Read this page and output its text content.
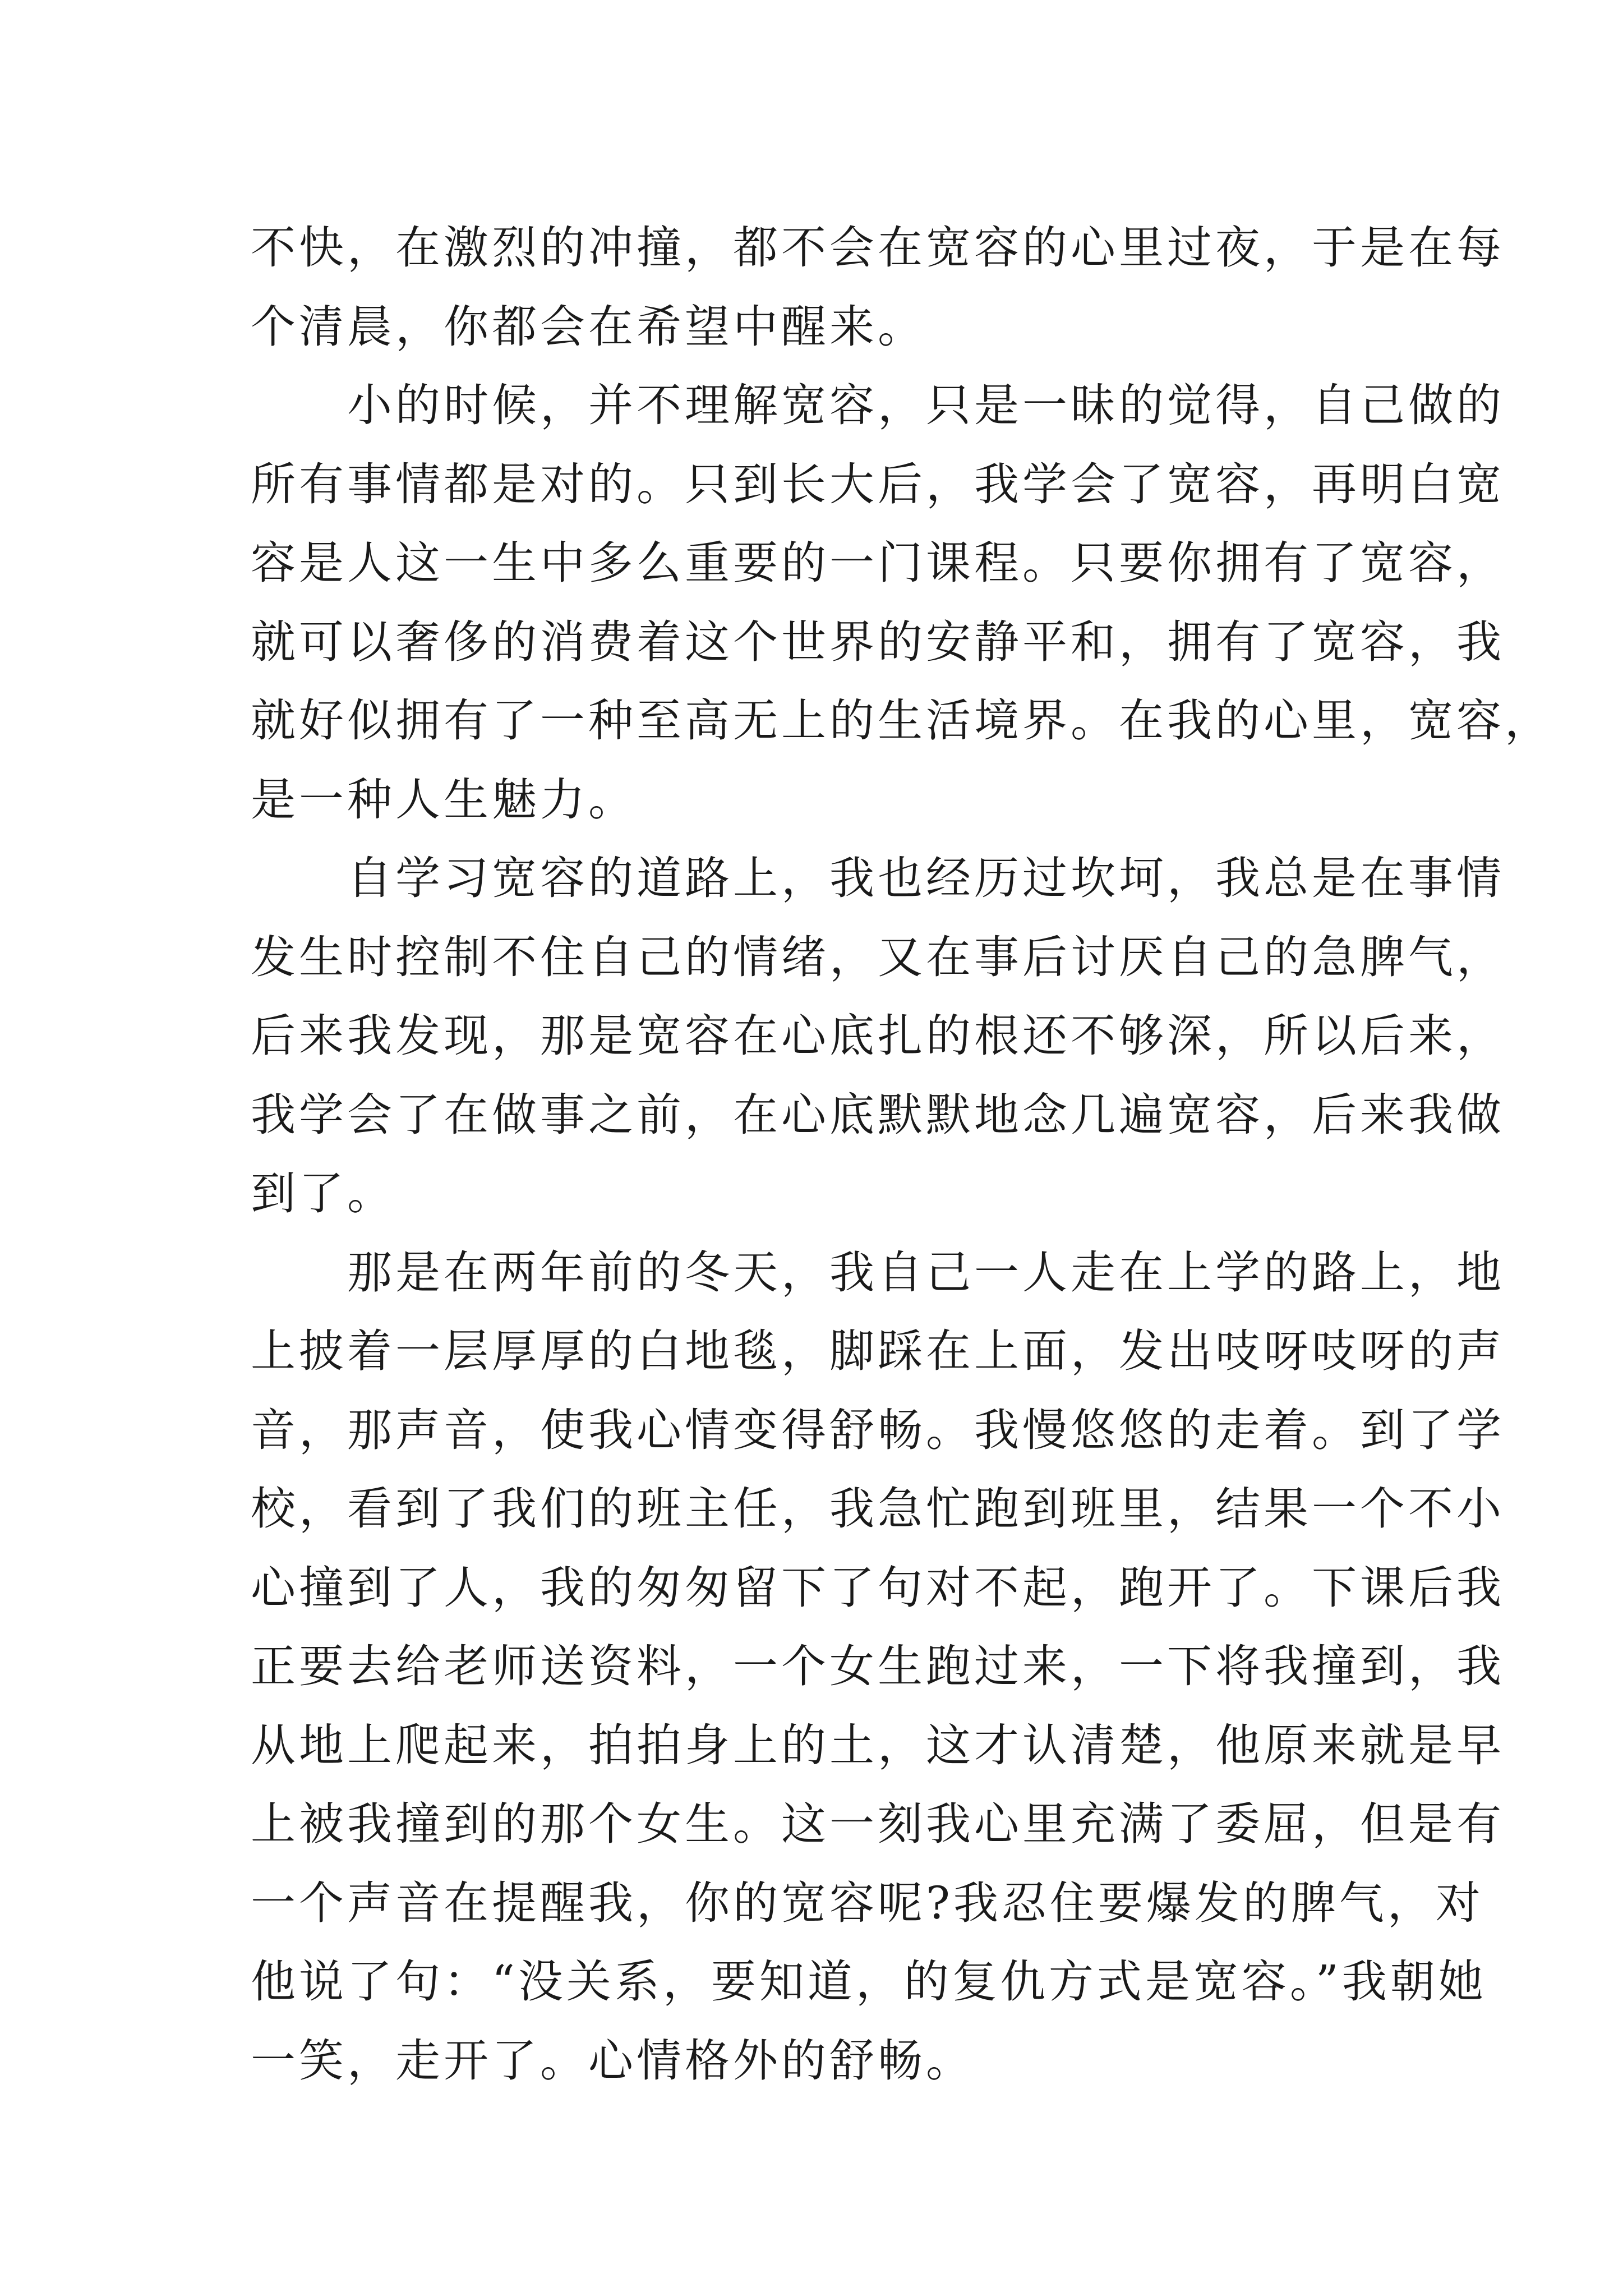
不快，在激烈的冲撞，都不会在宽容的心里过夜，于是在每
个清晨，你都会在希望中醒来。
　　小的时候，并不理解宽容，只是一昧的觉得，自己做的
所有事情都是对的。只到长大后，我学会了宽容，再明白宽
容是人这一生中多么重要的一门课程。只要你拥有了宽容，
就可以奢侈的消费着这个世界的安静平和，拥有了宽容，我
就好似拥有了一种至高无上的生活境界。在我的心里，宽容，
是一种人生魅力。
　　自学习宽容的道路上，我也经历过坎坷，我总是在事情
发生时控制不住自己的情绪，又在事后讨厌自己的急脾气，
后来我发现，那是宽容在心底扎的根还不够深，所以后来，
我学会了在做事之前，在心底默默地念几遍宽容，后来我做
到了。
　　那是在两年前的冬天，我自己一人走在上学的路上，地
上披着一层厚厚的白地毯，脚踩在上面，发出吱呀吱呀的声
音，那声音，使我心情变得舒畅。我慢悠悠的走着。到了学
校，看到了我们的班主任，我急忙跑到班里，结果一个不小
心撞到了人，我的匆匆留下了句对不起，跑开了。下课后我
正要去给老师送资料，一个女生跑过来，一下将我撞到，我
从地上爬起来，拍拍身上的土，这才认清楚，他原来就是早
上被我撞到的那个女生。这一刻我心里充满了委屈，但是有
一个声音在提醒我，你的宽容呢?我忍住要爆发的脾气，对
他说了句：“没关系，要知道，的复仇方式是宽容。”我朝她
一笑，走开了。心情格外的舒畅。
